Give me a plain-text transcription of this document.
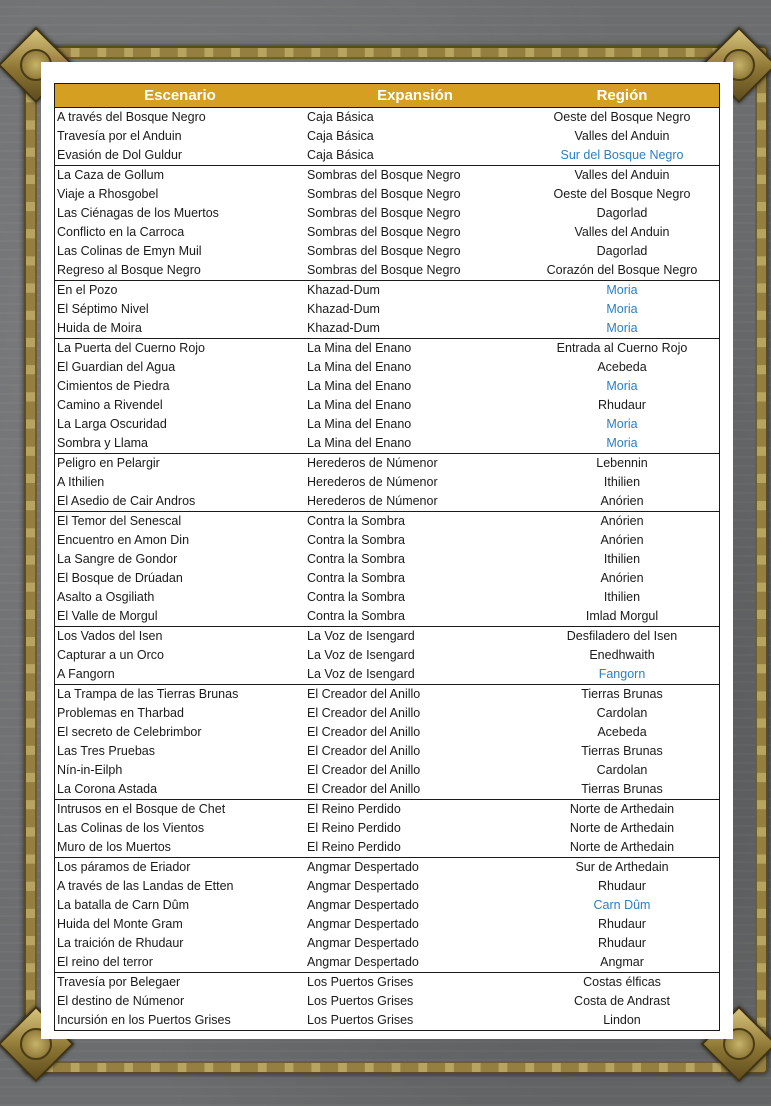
Escenario	Expansión	Región
A través del Bosque Negro	Caja Básica	Oeste del Bosque Negro
Travesía por el Anduin	Caja Básica	Valles del Anduin
Evasión de Dol Guldur	Caja Básica	Sur del Bosque Negro
La Caza de Gollum	Sombras del Bosque Negro	Valles del Anduin
Viaje a Rhosgobel	Sombras del Bosque Negro	Oeste del Bosque Negro
Las Ciénagas de los Muertos	Sombras del Bosque Negro	Dagorlad
Conflicto en la Carroca	Sombras del Bosque Negro	Valles del Anduin
Las Colinas de Emyn Muil	Sombras del Bosque Negro	Dagorlad
Regreso al Bosque Negro	Sombras del Bosque Negro	Corazón del Bosque Negro
En el Pozo	Khazad-Dum	Moria
El Séptimo Nivel	Khazad-Dum	Moria
Huida de Moira	Khazad-Dum	Moria
La Puerta del Cuerno Rojo	La Mina del Enano	Entrada al Cuerno Rojo
El Guardian del Agua	La Mina del Enano	Acebeda
Cimientos de Piedra	La Mina del Enano	Moria
Camino a Rivendel	La Mina del Enano	Rhudaur
La Larga Oscuridad	La Mina del Enano	Moria
Sombra y Llama	La Mina del Enano	Moria
Peligro en Pelargir	Herederos de Númenor	Lebennin
A Ithilien	Herederos de Númenor	Ithilien
El Asedio de Cair Andros	Herederos de Númenor	Anórien
El Temor del Senescal	Contra la Sombra	Anórien
Encuentro en Amon Din	Contra la Sombra	Anórien
La Sangre de Gondor	Contra la Sombra	Ithilien
El Bosque de Drúadan	Contra la Sombra	Anórien
Asalto a Osgiliath	Contra la Sombra	Ithilien
El Valle de Morgul	Contra la Sombra	Imlad Morgul
Los Vados del Isen	La Voz de Isengard	Desfiladero del Isen
Capturar a un Orco	La Voz de Isengard	Enedhwaith
A Fangorn	La Voz de Isengard	Fangorn
La Trampa de las Tierras Brunas	El Creador del Anillo	Tierras Brunas
Problemas en Tharbad	El Creador del Anillo	Cardolan
El secreto de Celebrimbor	El Creador del Anillo	Acebeda
Las Tres Pruebas	El Creador del Anillo	Tierras Brunas
Nín-in-Eilph	El Creador del Anillo	Cardolan
La Corona Astada	El Creador del Anillo	Tierras Brunas
Intrusos en el Bosque de Chet	El Reino Perdido	Norte de Arthedain
Las Colinas de los Vientos	El Reino Perdido	Norte de Arthedain
Muro de los Muertos	El Reino Perdido	Norte de Arthedain
Los páramos de Eriador	Angmar Despertado	Sur de Arthedain
A través de las Landas de Etten	Angmar Despertado	Rhudaur
La batalla de Carn Dûm	Angmar Despertado	Carn Dûm
Huida del Monte Gram	Angmar Despertado	Rhudaur
La traición de Rhudaur	Angmar Despertado	Rhudaur
El reino del terror	Angmar Despertado	Angmar
Travesía por Belegaer	Los Puertos Grises	Costas élficas
El destino de Númenor	Los Puertos Grises	Costa de Andrast
Incursión en los Puertos Grises	Los Puertos Grises	Lindon
